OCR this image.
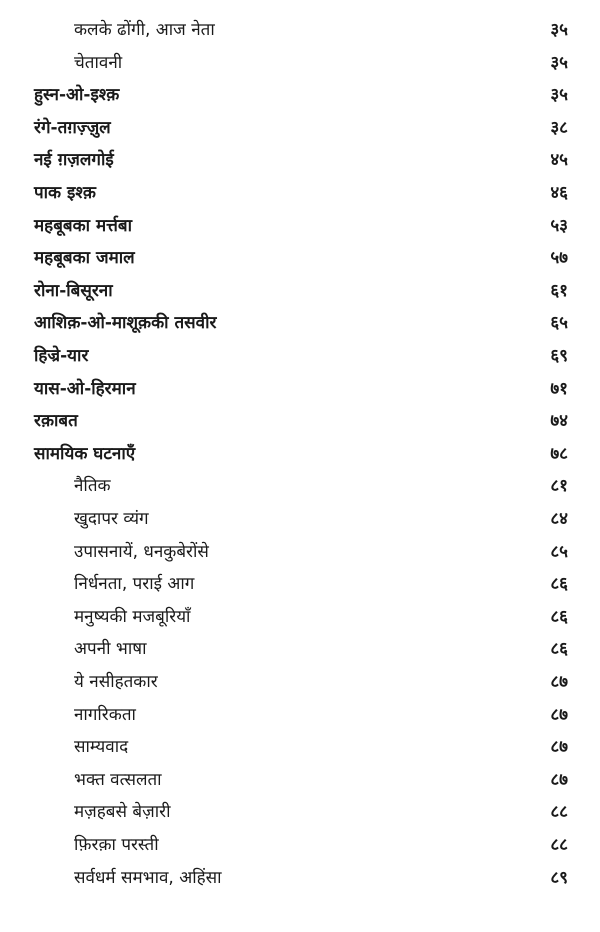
कलके ढोंगी, आज नेता	३५
चेतावनी	३५
हुस्न-ओ-इश्क़	३५
रंगे-तग़ज़्ज़ुल	३८
नई ग़ज़लगोई	४५
पाक इश्क़	४६
महबूबका मर्त्तबा	५३
महबूबका जमाल	५७
रोना-बिसूरना	६१
आशिक़-ओ-माशूक़की तसवीर	६५
हिज्रे-यार	६९
यास-ओ-हिरमान	७१
रक़ाबत	७४
सामयिक घटनाएँ	७८
नैतिक	८१
खुदापर व्यंग	८४
उपासनायें, धनकुबेरोंसे	८५
निर्धनता, पराई आग	८६
मनुष्यकी मजबूरियाँ	८६
अपनी भाषा	८६
ये नसीहतकार	८७
नागरिकता	८७
साम्यवाद	८७
भक्त वत्सलता	८७
मज़हबसे बेज़ारी	८८
फ़िरक़ा परस्ती	८८
सर्वधर्म समभाव, अहिंसा	८९
